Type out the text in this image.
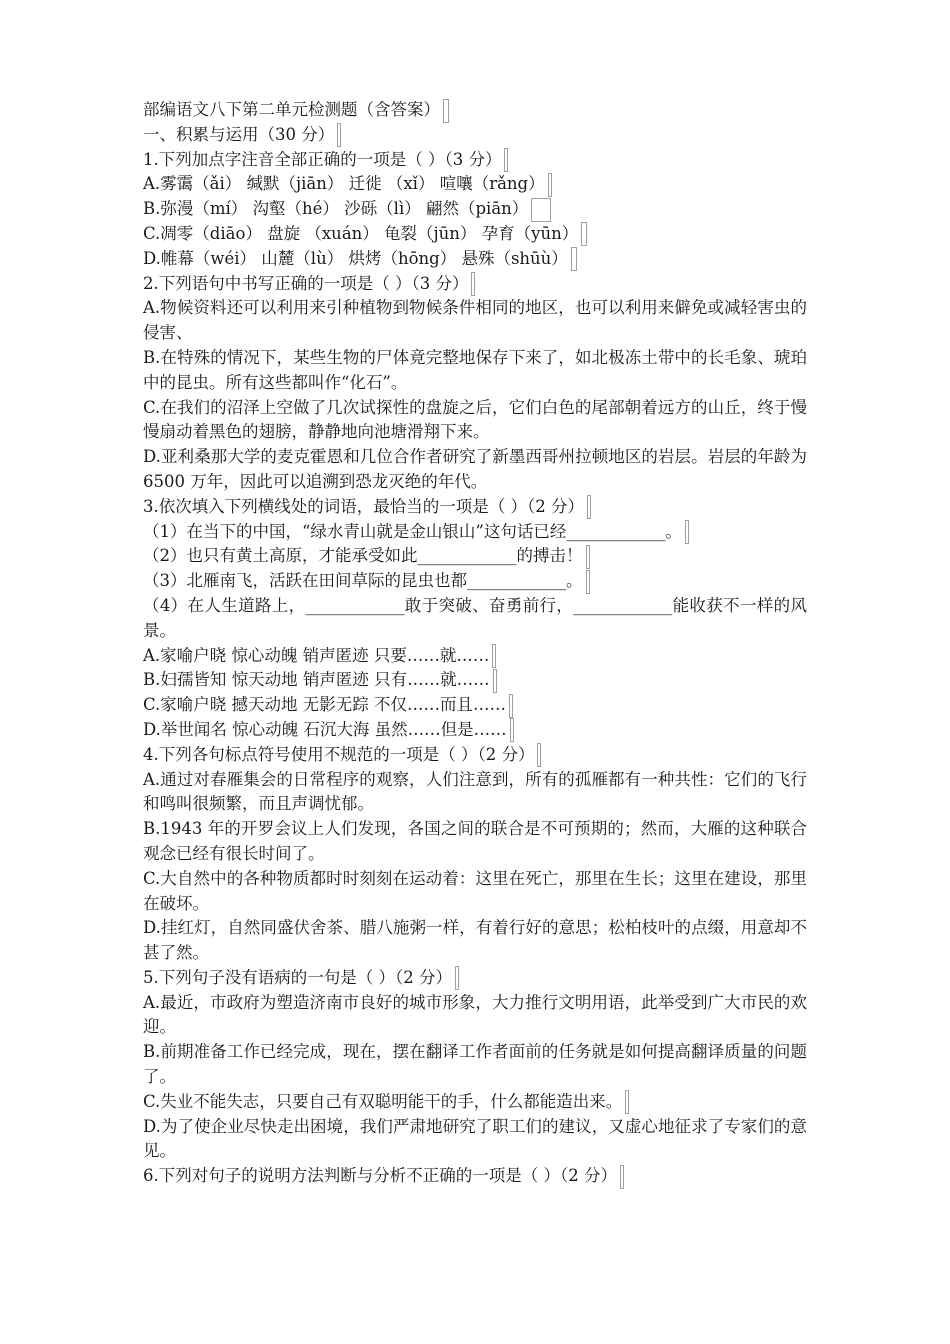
部编语文八下第二单元检测题（含答案）
一、积累与运用（30 分）
1.下列加点字注音全部正确的一项是（ ）（3 分）
A.雾霭（ǎi） 缄默（jiān） 迁徙 （xǐ） 喧嚷（rǎng）
B.弥漫（mí） 沟壑（hé） 沙砾（lì） 翩然（piān）
C.凋零（diāo） 盘旋 （xuán） 龟裂（jūn） 孕育（yūn）
D.帷幕（wéi） 山麓（lù） 烘烤（hōng） 悬殊（shūù）
2.下列语句中书写正确的一项是（ ）（3 分）
A.物候资料还可以利用来引种植物到物候条件相同的地区，也可以利用来僻免或减轻害虫的侵害、
B.在特殊的情况下，某些生物的尸体竟完整地保存下来了，如北极冻土带中的长毛象、琥珀中的昆虫。所有这些都叫作“化石”。
C.在我们的沼泽上空做了几次试探性的盘旋之后，它们白色的尾部朝着远方的山丘，终于慢慢扇动着黑色的翅膀，静静地向池塘滑翔下来。
D.亚利桑那大学的麦克霍恩和几位合作者研究了新墨西哥州拉顿地区的岩层。岩层的年龄为 6500 万年，因此可以追溯到恐龙灭绝的年代。
3.依次填入下列横线处的词语，最恰当的一项是（ ）（2 分）
（1）在当下的中国，“绿水青山就是金山银山”这句话已经____________。
（2）也只有黄土高原，才能承受如此____________的搏击！
（3）北雁南飞，活跃在田间草际的昆虫也都____________。
（4）在人生道路上，____________敢于突破、奋勇前行，____________能收获不一样的风景。
A.家喻户晓 惊心动魄 销声匿迹 只要……就……
B.妇孺皆知 惊天动地 销声匿迹 只有……就……
C.家喻户晓 撼天动地 无影无踪 不仅……而且……
D.举世闻名 惊心动魄 石沉大海 虽然……但是……
4.下列各句标点符号使用不规范的一项是（ ）（2 分）
A.通过对春雁集会的日常程序的观察，人们注意到，所有的孤雁都有一种共性：它们的飞行和鸣叫很频繁，而且声调忧郁。
B.1943 年的开罗会议上人们发现，各国之间的联合是不可预期的；然而，大雁的这种联合观念已经有很长时间了。
C.大自然中的各种物质都时时刻刻在运动着：这里在死亡，那里在生长；这里在建设，那里在破坏。
D.挂红灯，自然同盛伏舍茶、腊八施粥一样，有着行好的意思；松柏枝叶的点缀，用意却不甚了然。
5.下列句子没有语病的一句是（ ）（2 分）
A.最近，市政府为塑造济南市良好的城市形象，大力推行文明用语，此举受到广大市民的欢迎。
B.前期准备工作已经完成，现在，摆在翻译工作者面前的任务就是如何提高翻译质量的问题了。
C.失业不能失志，只要自己有双聪明能干的手，什么都能造出来。
D.为了使企业尽快走出困境，我们严肃地研究了职工们的建议，又虚心地征求了专家们的意见。
6.下列对句子的说明方法判断与分析不正确的一项是（ ）（2 分）
